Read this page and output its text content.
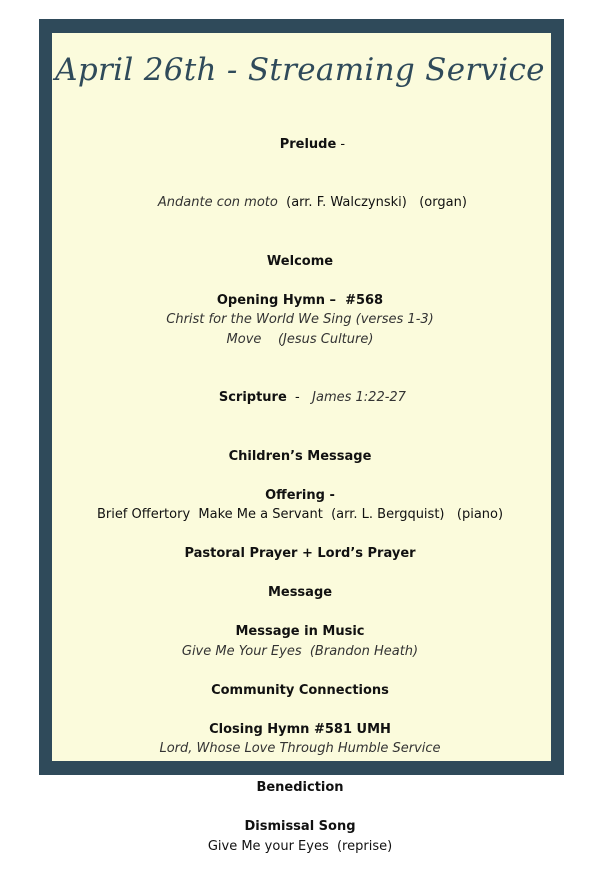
April 26th - Streaming Service

Prelude -

Andante con moto  (arr. F. Walczynski)   (organ)

Welcome
Opening Hymn –  #568
Christ for the World We Sing (verses 1-3)
Move    (Jesus Culture)

Scripture  -   James 1:22-27

Children’s Message
Offering -
Brief Offertory  Make Me a Servant  (arr. L. Bergquist)   (piano)
Pastoral Prayer + Lord’s Prayer
Message
Message in Music
Give Me Your Eyes  (Brandon Heath)
Community Connections
Closing Hymn #581 UMH
Lord, Whose Love Through Humble Service
Benediction
Dismissal Song
Give Me your Eyes  (reprise)
